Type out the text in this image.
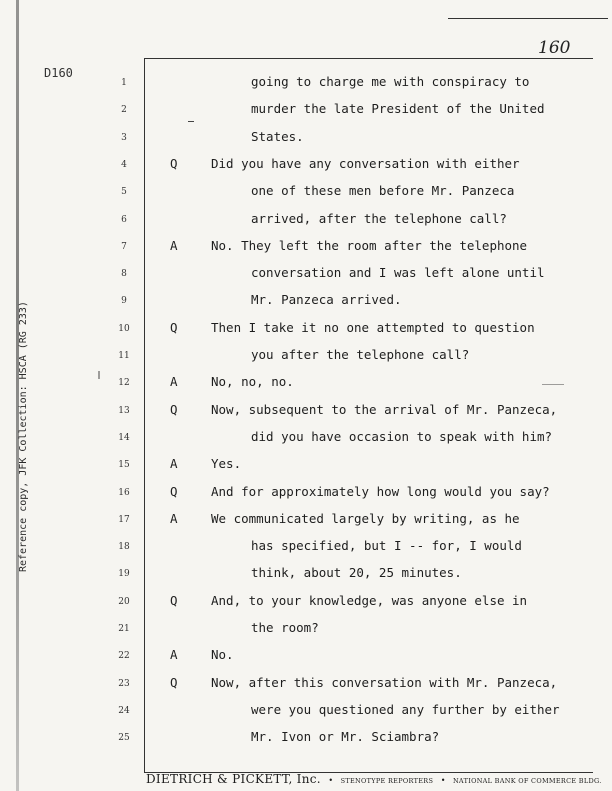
160
D160
Reference copy, JFK Collection: HSCA (RG 233)
1	going to charge me with conspiracy to
2	murder the late President of the United
3	States.
4	Q	Did you have any conversation with either
5	one of these men before Mr. Panzeca
6	arrived, after the telephone call?
7	A	No. They left the room after the telephone
8	conversation and I was left alone until
9	Mr. Panzeca arrived.
10	Q	Then I take it no one attempted to question
11	you after the telephone call?
12	A	No, no, no.
13	Q	Now, subsequent to the arrival of Mr. Panzeca,
14	did you have occasion to speak with him?
15	A	Yes.
16	Q	And for approximately how long would you say?
17	A	We communicated largely by writing, as he
18	has specified, but I -- for, I would
19	think, about 20, 25 minutes.
20	Q	And, to your knowledge, was anyone else in
21	the room?
22	A	No.
23	Q	Now, after this conversation with Mr. Panzeca,
24	were you questioned any further by either
25	Mr. Ivon or Mr. Sciambra?
DIETRICH & PICKETT, Inc. • STENOTYPE REPORTERS • NATIONAL BANK OF COMMERCE BLDG.
